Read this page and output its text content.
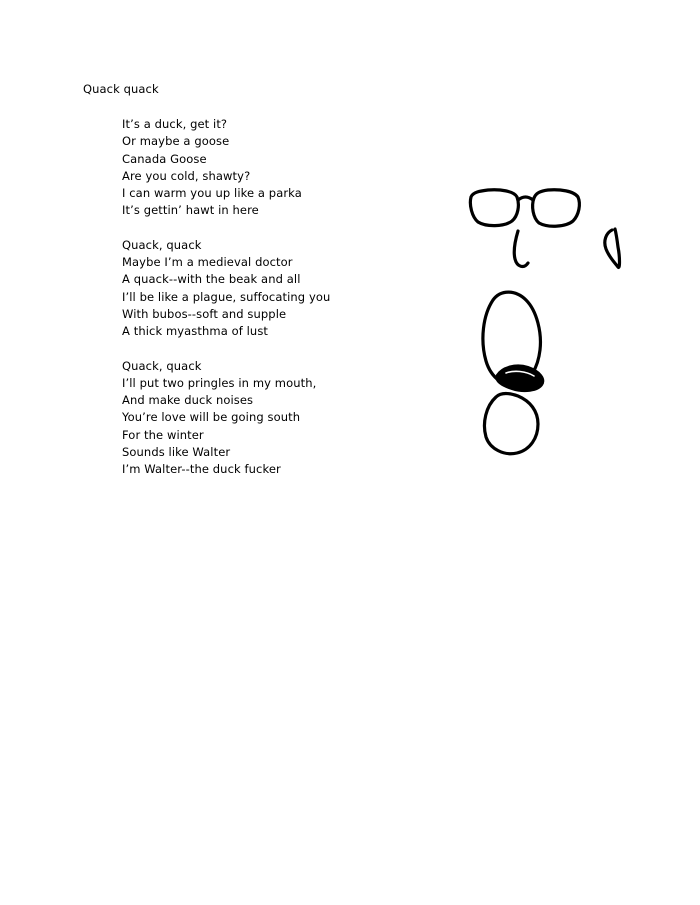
Quack quack
It’s a duck, get it?
Or maybe a goose
Canada Goose
Are you cold, shawty?
I can warm you up like a parka
It’s gettin’ hawt in here
Quack, quack
Maybe I’m a medieval doctor
A quack--with the beak and all
I’ll be like a plague, suffocating you
With bubos--soft and supple
A thick myasthma of lust
Quack, quack
I’ll put two pringles in my mouth,
And make duck noises
You’re love will be going south
For the winter
Sounds like Walter
I’m Walter--the duck fucker
